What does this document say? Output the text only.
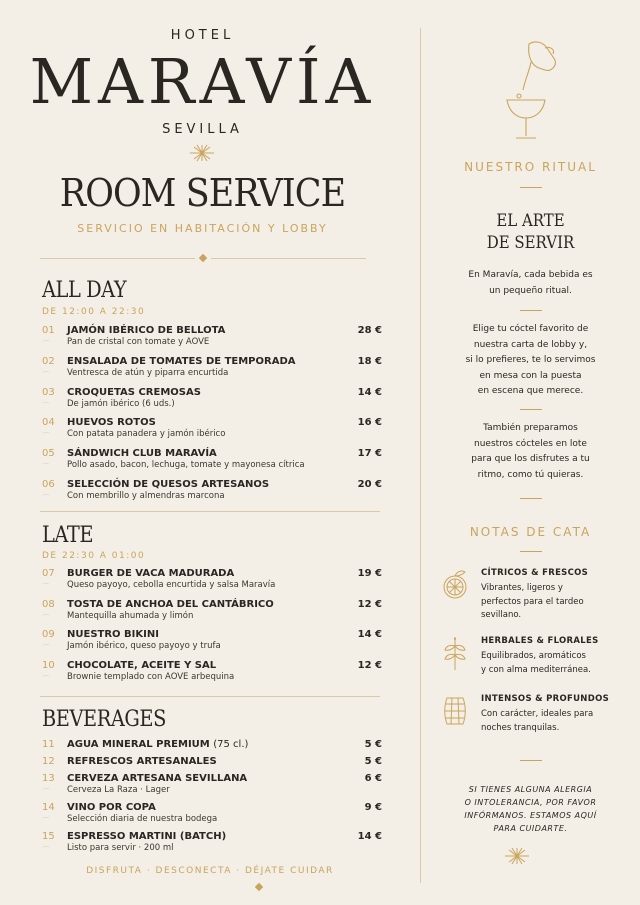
HOTEL
MARAVÍA
SEVILLA
ROOM SERVICE
SERVICIO EN HABITACIÓN Y LOBBY
ALL DAY
DE 12:00 A 22:30
01 JAMÓN IBÉRICO DE BELLOTA
Pan de cristal con tomate y AOVE
⌒
28 €
02 ENSALADA DE TOMATES DE TEMPORADA
Ventresca de atún y piparra encurtida
⌒
18 €
03 CROQUETAS CREMOSAS
De jamón ibérico (6 uds.)
⌒
14 €
04 HUEVOS ROTOS
Con patata panadera y jamón ibérico
⌒
16 €
05 SÁNDWICH CLUB MARAVÍA
Pollo asado, bacon, lechuga, tomate y mayonesa cítrica
⌒
17 €
06 SELECCIÓN DE QUESOS ARTESANOS
Con membrillo y almendras marcona
⌒
20 €
LATE
DE 22:30 A 01:00
07 BURGER DE VACA MADURADA
Queso payoyo, cebolla encurtida y salsa Maravía
⌒
19 €
08 TOSTA DE ANCHOA DEL CANTÁBRICO
Mantequilla ahumada y limón
⌒
12 €
09 NUESTRO BIKINI
Jamón ibérico, queso payoyo y trufa
⌒
14 €
10 CHOCOLATE, ACEITE Y SAL
Brownie templado con AOVE arbequina
⌒
12 €
BEVERAGES
11 AGUA MINERAL PREMIUM (75 cl.)	5 €
12 REFRESCOS ARTESANALES	5 €
13 CERVEZA ARTESANA SEVILLANA
Cerveza La Raza · Lager
⌒
6 €
14 VINO POR COPA
Selección diaria de nuestra bodega
⌒
9 €
15 ESPRESSO MARTINI (BATCH)
Listo para servir · 200 ml
⌒
14 €
DISFRUTA · DESCONECTA · DÉJATE CUIDAR
NUESTRO RITUAL
EL ARTE
DE SERVIR
En Maravía, cada bebida es
un pequeño ritual.
Elige tu cóctel favorito de
nuestra carta de lobby y,
si lo prefieres, te lo servimos
en mesa con la puesta
en escena que merece.
También preparamos
nuestros cócteles en lote
para que los disfrutes a tu
ritmo, como tú quieras.
NOTAS DE CATA
CÍTRICOS & FRESCOS
Vibrantes, ligeros y
perfectos para el tardeo
sevillano.
HERBALES & FLORALES
Equilibrados, aromáticos
y con alma mediterránea.
INTENSOS & PROFUNDOS
Con carácter, ideales para
noches tranquilas.
SI TIENES ALGUNA ALERGIA
O INTOLERANCIA, POR FAVOR
INFÓRMANOS. ESTAMOS AQUÍ
PARA CUIDARTE.
